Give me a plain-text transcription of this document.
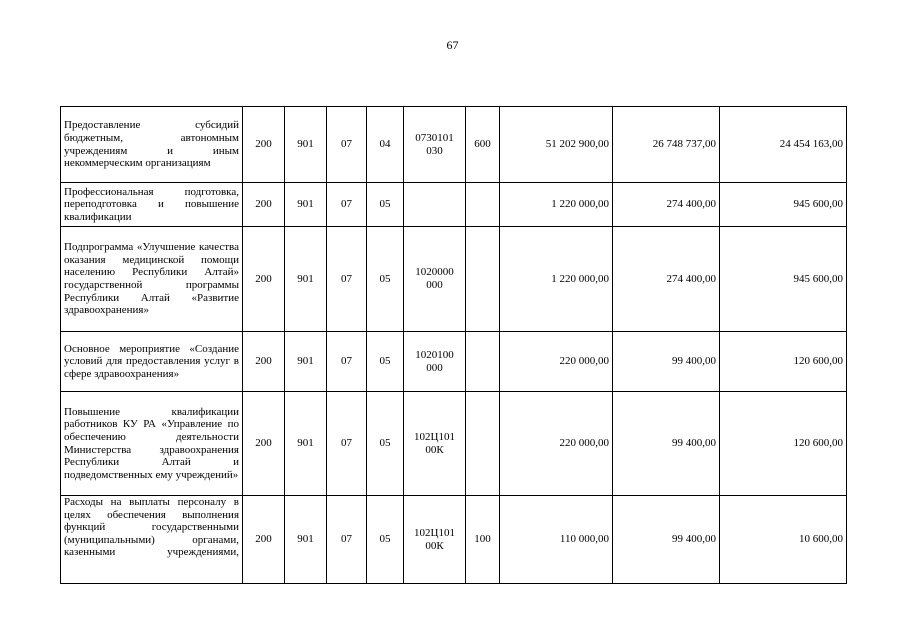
67
Предоставление субсидий бюджетным, автономным учреждениям и иным некоммерческим организациям	200	901	07	04	0730101 030	600	51 202 900,00	26 748 737,00	24 454 163,00
Профессиональная подготовка, переподготовка и повышение квалификации	200	901	07	05			1 220 000,00	274 400,00	945 600,00
Подпрограмма «Улучшение качества оказания медицинской помощи населению Республики Алтай» государственной программы Республики Алтай «Развитие здравоохранения»	200	901	07	05	1020000 000		1 220 000,00	274 400,00	945 600,00
Основное мероприятие «Создание условий для предоставления услуг в сфере здравоохранения»	200	901	07	05	1020100 000		220 000,00	99 400,00	120 600,00
Повышение квалификации работников КУ РА «Управление по обеспечению деятельности Министерства здравоохранения Республики Алтай и подведомственных ему учреждений»	200	901	07	05	102Ц101 00К		220 000,00	99 400,00	120 600,00

Расходы на выплаты персоналу в целях обеспечения выполнения функций государственными (муниципальными) органами, казенными учреждениями,	200	901	07	05	102Ц101 00К	100	110 000,00	99 400,00	10 600,00
